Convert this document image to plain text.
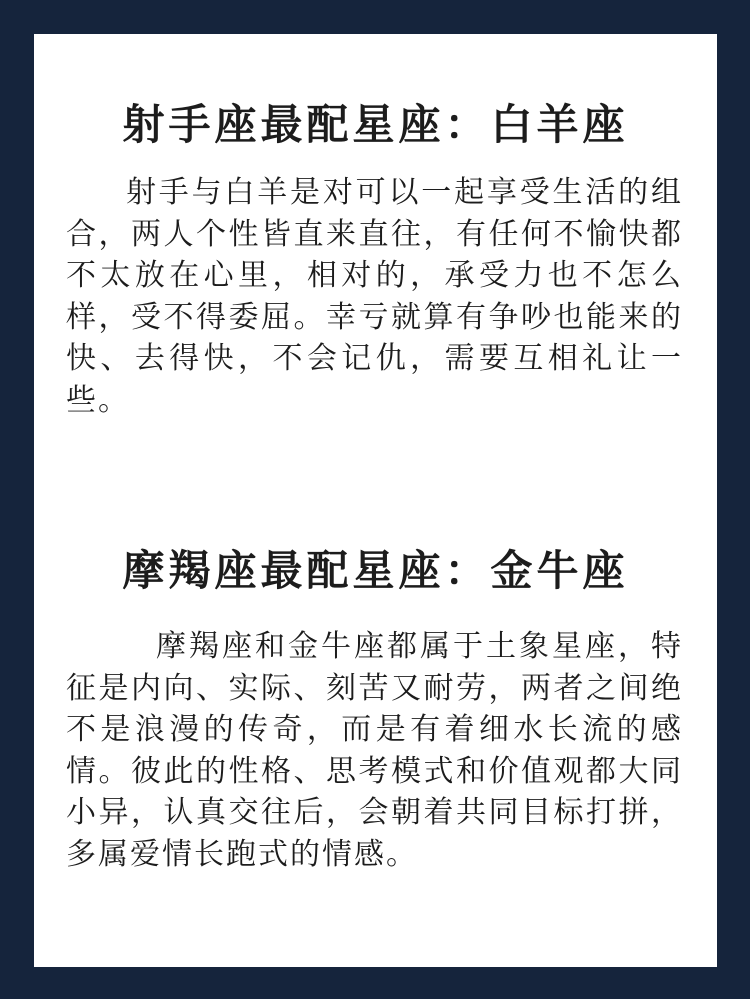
射手座最配星座：白羊座

射手与白羊是对可以一起享受生活的组合，两人个性皆直来直往，有任何不愉快都不太放在心里，相对的，承受力也不怎么样，受不得委屈。幸亏就算有争吵也能来的快、去得快，不会记仇，需要互相礼让一些。

摩羯座最配星座：金牛座

摩羯座和金牛座都属于土象星座，特征是内向、实际、刻苦又耐劳，两者之间绝不是浪漫的传奇，而是有着细水长流的感情。彼此的性格、思考模式和价值观都大同小异，认真交往后，会朝着共同目标打拼，多属爱情长跑式的情感。
